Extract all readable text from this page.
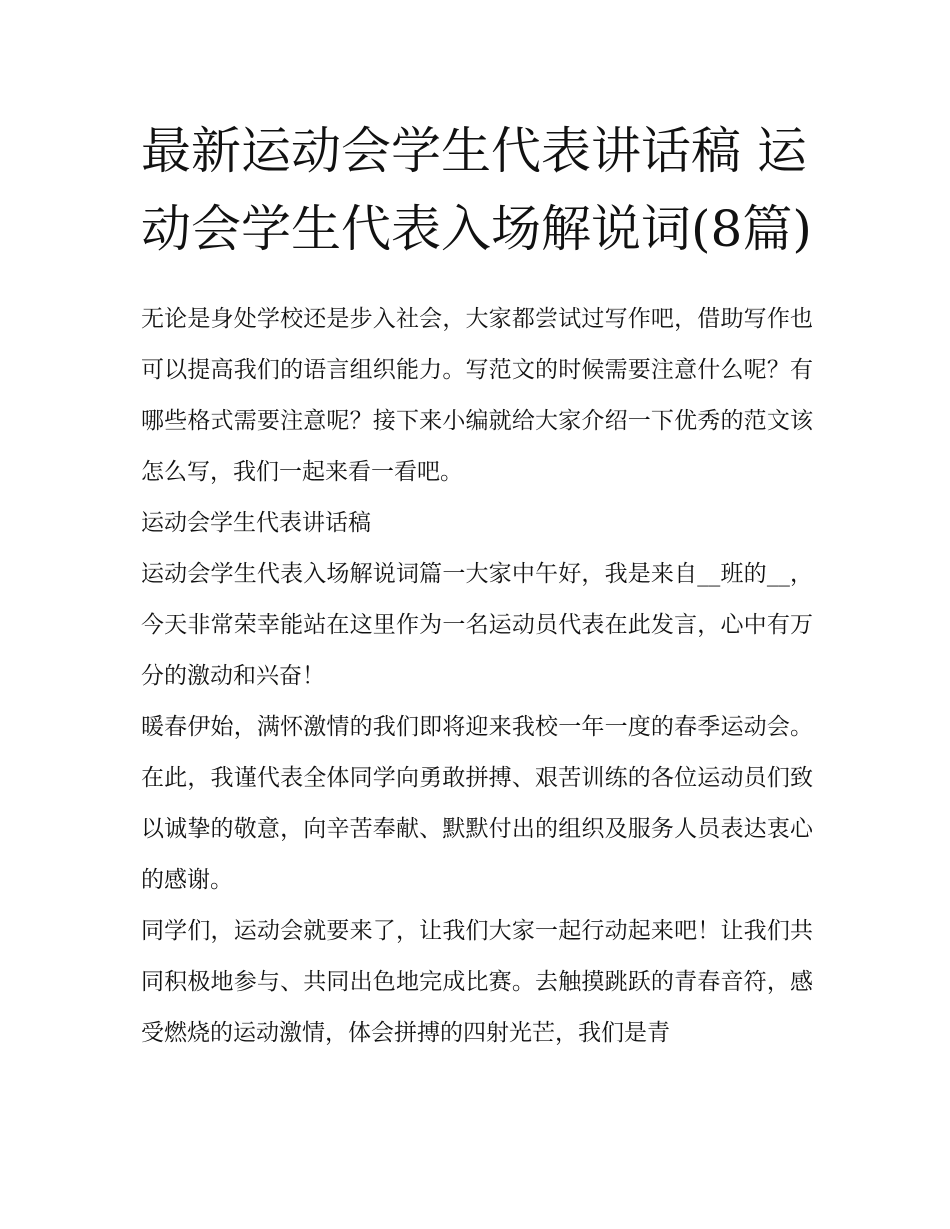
最新运动会学生代表讲话稿 运动会学生代表入场解说词(8篇)

无论是身处学校还是步入社会，大家都尝试过写作吧，借助写作也可以提高我们的语言组织能力。写范文的时候需要注意什么呢？有哪些格式需要注意呢？接下来小编就给大家介绍一下优秀的范文该怎么写，我们一起来看一看吧。

运动会学生代表讲话稿

运动会学生代表入场解说词篇一大家中午好，我是来自__班的__，今天非常荣幸能站在这里作为一名运动员代表在此发言，心中有万分的激动和兴奋！

暖春伊始，满怀激情的我们即将迎来我校一年一度的春季运动会。在此，我谨代表全体同学向勇敢拼搏、艰苦训练的各位运动员们致以诚挚的敬意，向辛苦奉献、默默付出的组织及服务人员表达衷心的感谢。

同学们，运动会就要来了，让我们大家一起行动起来吧！让我们共同积极地参与、共同出色地完成比赛。去触摸跳跃的青春音符，感受燃烧的运动激情，体会拼搏的四射光芒，我们是青
